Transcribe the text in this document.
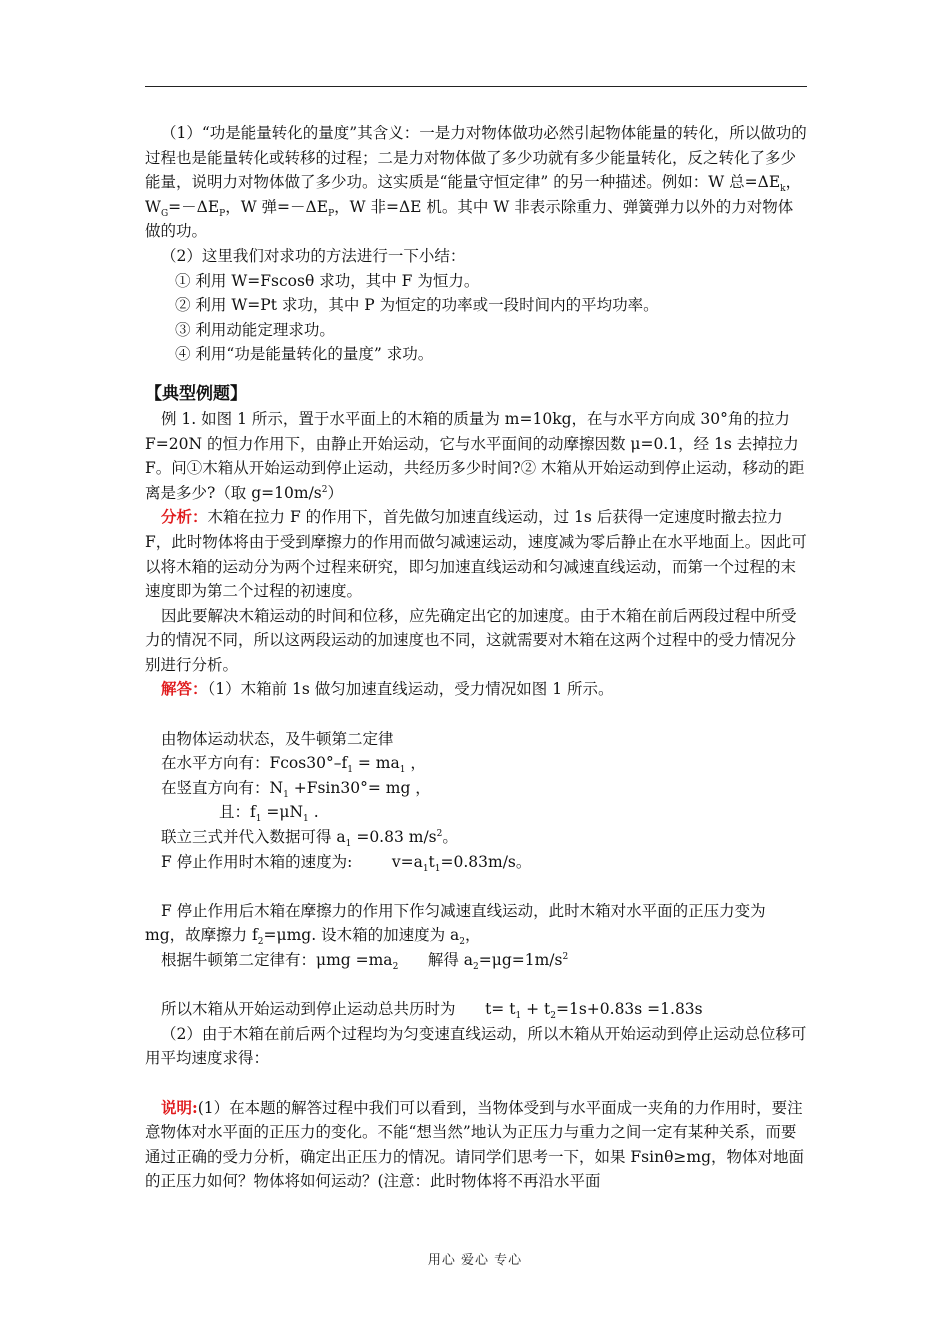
（1）“功是能量转化的量度”其含义：一是力对物体做功必然引起物体能量的转化，所以做功的过程也是能量转化或转移的过程；二是力对物体做了多少功就有多少能量转化，反之转化了多少能量，说明力对物体做了多少功。这实质是“能量守恒定律” 的另一种描述。例如：W 总$=\Delta E_k$，$W_G=-\Delta E_P$，W 弹$=-\Delta E_P$，W 非=ΔE 机。其中 W 非表示除重力、弹簧弹力以外的力对物体做的功。

（2）这里我们对求功的方法进行一下小结：

① 利用 W=Fscosθ 求功，其中 F 为恒力。

② 利用 W=Pt 求功，其中 P 为恒定的功率或一段时间内的平均功率。

③ 利用动能定理求功。

④ 利用“功是能量转化的量度” 求功。

【典型例题】

例 1. 如图 1 所示，置于水平面上的木箱的质量为 m=10kg，在与水平方向成 30°角的拉力 F=20N 的恒力作用下，由静止开始运动，它与水平面间的动摩擦因数 μ=0.1，经 1s 去掉拉力 F。问①木箱从开始运动到停止运动，共经历多少时间?② 木箱从开始运动到停止运动，移动的距离是多少?（取 $g=10m/s^2$）

分析：木箱在拉力 F 的作用下，首先做匀加速直线运动，过 1s 后获得一定速度时撤去拉力 F，此时物体将由于受到摩擦力的作用而做匀减速运动，速度减为零后静止在水平地面上。因此可以将木箱的运动分为两个过程来研究，即匀加速直线运动和匀减速直线运动，而第一个过程的末速度即为第二个过程的初速度。

因此要解决木箱运动的时间和位移，应先确定出它的加速度。由于木箱在前后两段过程中所受力的情况不同，所以这两段运动的加速度也不同，这就需要对木箱在这两个过程中的受力情况分别进行分析。

解答：（1）木箱前 1s 做匀加速直线运动，受力情况如图 1 所示。

由物体运动状态，及牛顿第二定律

在水平方向有：$Fcos30^\circ-f_1 = ma_1$ ，

在竖直方向有：$N_1 +Fsin30^\circ=$ mg ，

且：$f_1 =\mu N_1$ .

联立三式并代入数据可得 $a_1 =0.83$ $m/s^2$。

F 停止作用时木箱的速度为:        $v=a_1t_1=0.83m/s$。

F 停止作用后木箱在摩擦力的作用下作匀减速直线运动，此时木箱对水平面的正压力变为 mg，故摩擦力 $f_2=\mu mg$. 设木箱的加速度为 $a_2$，

根据牛顿第二定律有：$\mu mg =ma_2$      解得 $a_2=\mu g=1m/s^2$

所以木箱从开始运动到停止运动总共历时为      $t= t_1 + t_2=1s+0.83s =1.83s$

（2）由于木箱在前后两个过程均为匀变速直线运动，所以木箱从开始运动到停止运动总位移可用平均速度求得：

说明:(1）在本题的解答过程中我们可以看到，当物体受到与水平面成一夹角的力作用时，要注意物体对水平面的正压力的变化。不能“想当然”地认为正压力与重力之间一定有某种关系，而要通过正确的受力分析，确定出正压力的情况。请同学们思考一下，如果 Fsinθ≥mg，物体对地面的正压力如何？物体将如何运动？(注意：此时物体将不再沿水平面

用心 爱心 专心
